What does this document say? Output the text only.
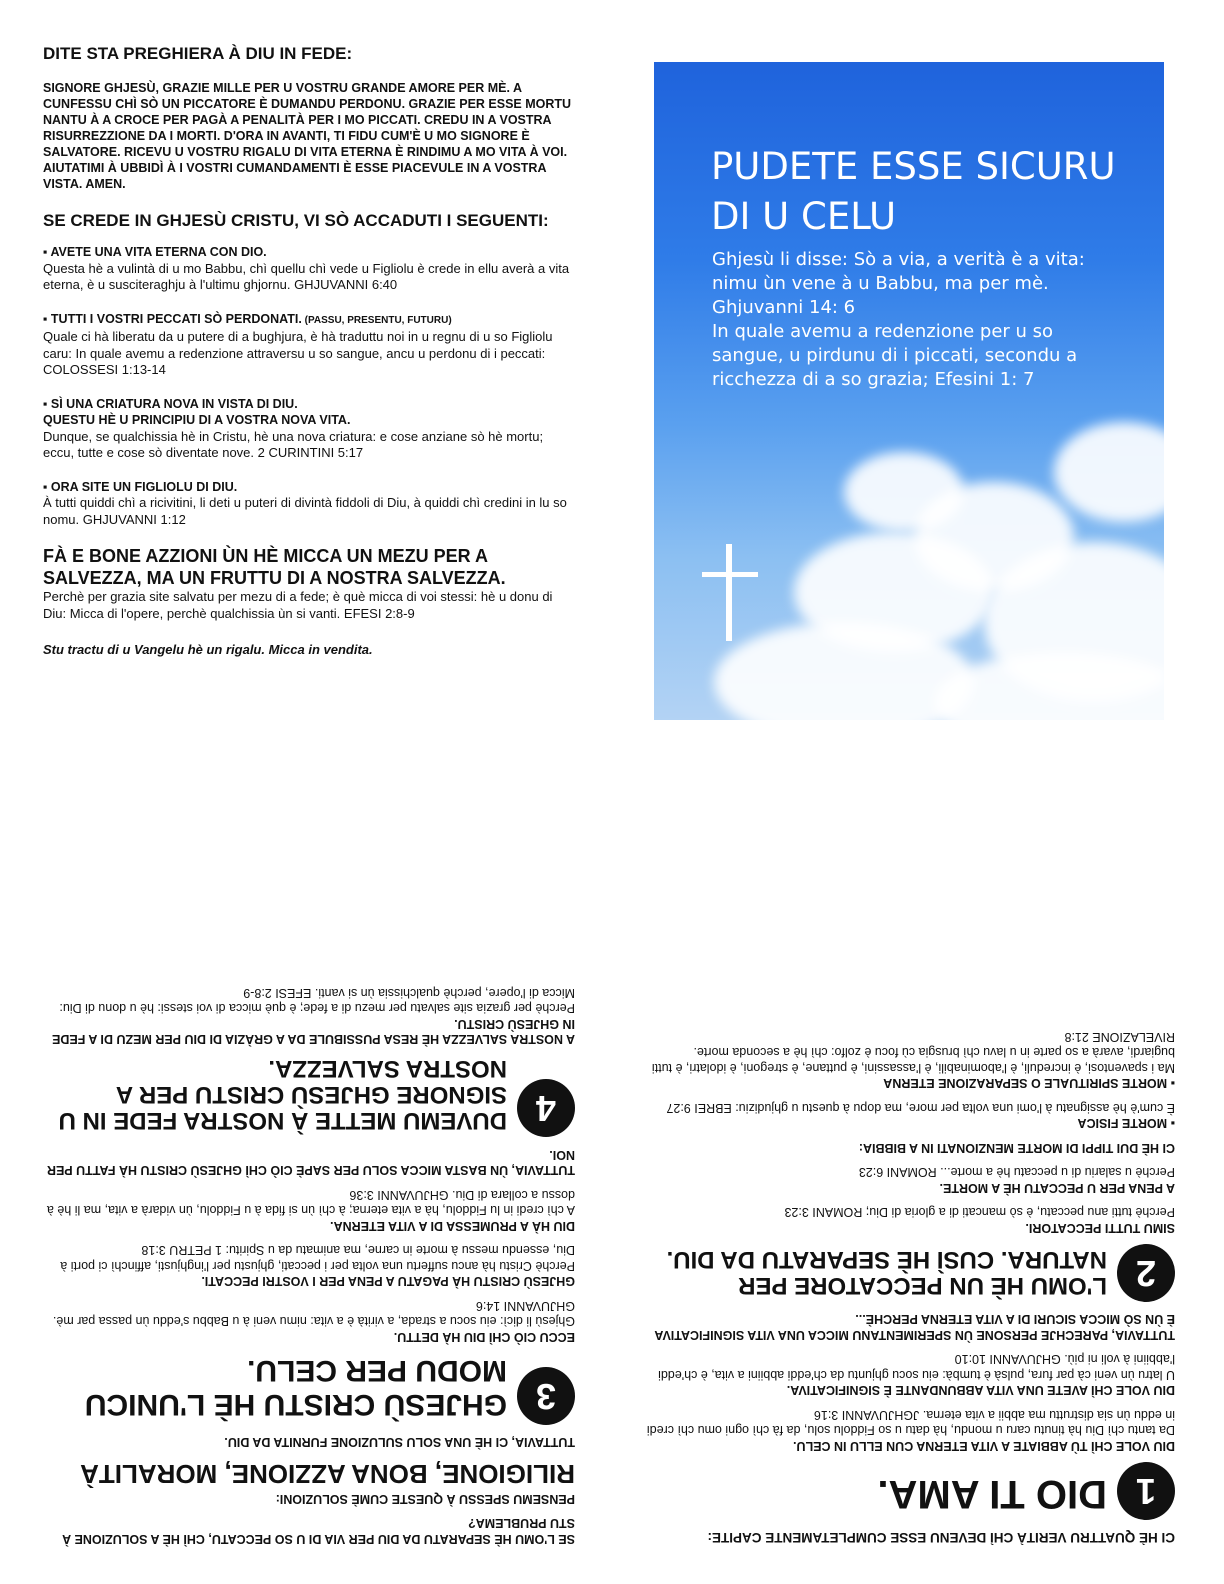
DITE STA PREGHIERA À DIU IN FEDE:

SIGNORE GHJESÙ, GRAZIE MILLE PER U VOSTRU GRANDE AMORE PER MÈ. A CUNFESSU CHÌ SÒ UN PICCATORE È DUMANDU PERDONU. GRAZIE PER ESSE MORTU NANTU À A CROCE PER PAGÀ A PENALITÀ PER I MO PICCATI. CREDU IN A VOSTRA RISURREZZIONE DA I MORTI. D'ORA IN AVANTI, TI FIDU CUM'È U MO SIGNORE È SALVATORE. RICEVU U VOSTRU RIGALU DI VITA ETERNA È RINDIMU A MO VITA À VOI. AIUTATIMI À UBBIDÌ À I VOSTRI CUMANDAMENTI È ESSE PIACEVULE IN A VOSTRA VISTA. AMEN.

SE CREDE IN GHJESÙ CRISTU, VI SÒ ACCADUTI I SEGUENTI:

▪ AVETE UNA VITA ETERNA CON DIO.

Questa hè a vulintà di u mo Babbu, chì quellu chì vede u Figliolu è crede in ellu averà a vita eterna, è u susciteraghju à l'ultimu ghjornu. GHJUVANNI 6:40

▪ TUTTI I VOSTRI PECCATI SÒ PERDONATI. (PASSU, PRESENTU, FUTURU)

Quale ci hà liberatu da u putere di a bughjura, è hà traduttu noi in u regnu di u so Figliolu caru: In quale avemu a redenzione attraversu u so sangue, ancu u perdonu di i peccati: COLOSSESI 1:13-14

▪ SÌ UNA CRIATURA NOVA IN VISTA DI DIU.
QUESTU HÈ U PRINCIPIU DI A VOSTRA NOVA VITA.

Dunque, se qualchissia hè in Cristu, hè una nova criatura: e cose anziane sò hè mortu; eccu, tutte e cose sò diventate nove. 2 CURINTINI 5:17

▪ ORA SITE UN FIGLIOLU DI DIU.

À tutti quiddi chì a ricivitini, li deti u puteri di divintà fiddoli di Diu, à quiddi chì credini in lu so nomu. GHJUVANNI 1:12

FÀ E BONE AZZIONI ÙN HÈ MICCA UN MEZU PER A SALVEZZA, MA UN FRUTTU DI A NOSTRA SALVEZZA.

Perchè per grazia site salvatu per mezu di a fede; è què micca di voi stessi: hè u donu di Diu: Micca di l'opere, perchè qualchissia ùn si vanti. EFESI 2:8-9

Stu tractu di u Vangelu hè un rigalu. Micca in vendita.

PUDETE ESSE SICURU DI U CELU
Ghjesù li disse: Sò a via, a verità è a vita: nimu ùn vene à u Babbu, ma per mè. Ghjuvanni 14: 6
In quale avemu a redenzione per u so sangue, u pirdunu di i piccati, secondu a ricchezza di a so grazia; Efesini 1: 7

CI HÈ QUATTRU VERITÀ CHÌ DEVENU ESSE CUMPLETAMENTE CAPITE:

1
DIO TI AMA.

DIU VOLE CHÌ TÙ ABBIATE A VITA ETERNA CUN ELLU IN CELU.

Da tantu chì Diu hà tinutu caru u mondu, hà datu u so Fiddolu solu, da fà chì ogni omu chì credi in eddu ùn sia distruttu ma abbii a vita eterna. JGHJUVANNI 3:16

DIU VOLE CHÌ AVETE UNA VITA ABBUNDANTE È SIGNIFICATIVA.

U latru ùn veni cà par fura, pulsà è tumbà: eiu socu ghjuntu da ch'eddi abbiini a vita, è ch'eddi l'abbiini à voli ni più. GHJUVANNI 10:10

TUTTAVIA, PARECHJE PERSONE ÙN SPERIMENTANU MICCA UNA VITA SIGNIFICATIVA È ÙN SÒ MICCA SICURI DI A VITA ETERNA PERCHÈ...

2
L'OMU HÈ UN PECCATORE PER NATURA. CUSÌ HÈ SEPARATU DA DIU.

SIMU TUTTI PECCATORI.

Perchè tutti anu peccatu, è sò mancati di a gloria di Diu; ROMANI 3:23

A PENA PER U PECCATU HÈ A MORTE.

Perchè u salariu di u peccatu hè a morte... ROMANI 6:23

CI HÈ DUI TIPPI DI MORTE MENZIONATI IN A BIBBIA:

▪ MORTE FISICA

È cum'è hè assignatu à l'omi una volta per more, ma dopu à questu u ghjudiziu: EBREI 9:27

▪ MORTE SPIRITUALE O SEPARAZIONE ETERNA

Ma i spaventosi, è increduli, è l'abominabili, è l'assassini, è puttane, è stregoni, è idolatri, è tutti bugiardi, avarà a so parte in u lavu chì brusgia cù focu è zolfo: chì hè a seconda morte. RIVELAZIONE 21:8

SE L'OMU HÈ SEPARATU DA DIU PER VIA DI U SO PECCATU, CHÌ HÈ A SOLUZIONE À STU PRUBLEMA?

PENSEMU SPESSU À QUESTE CUMÈ SOLUZIONI:

RILIGIONE, BONA AZZIONE, MORALITÀ

TUTTAVIA, CI HÈ UNA SOLU SULUZIONE FURNITA DA DIU.

3
GHJESÙ CRISTU HÈ L'UNICU MODU PER CELU.

ECCU CIÒ CHÌ DIU HÀ DETTU.

Ghjesù li dicì: eiu socu a strada, a virità è a vita: nimu veni à u Babbu s'eddu ùn passa par mè. GHJUVANNI 14:6

GHJESÙ CRISTU HÀ PAGATU A PENA PER I VOSTRI PECCATI.

Perchè Cristu hà ancu suffertu una volta per i peccati, ghjustu per l'inghjusti, affinchì ci porti à Diu, essendu messu à morte in carne, ma animatu da u Spiritu: 1 PETRU 3:18

DIU HÀ A PRUMESSA DI A VITA ETERNA.

A chì credi in lu Fiddolu, hà a vita eterna; à chì ùn si fida à u Fiddolu, ùn vidarà a vita, ma li hè à dossu a collara di Diu. GHJUVANNI 3:36

TUTTAVIA, ÙN BASTA MICCA SOLU PER SAPÈ CIÒ CHÌ GHJESÙ CRISTU HÀ FATTU PER NOI.

4
DUVEMU METTE À NOSTRA FEDE IN U SIGNORE GHJESÙ CRISTU PER A NOSTRA SALVEZZA.

A NOSTRA SALVEZZA HÈ RESA PUSSIBULE DA A GRÀZIA DI DIU PER MEZU DI A FEDE IN GHJESÙ CRISTU.

Perchè per grazia site salvatu per mezu di a fede; è què micca di voi stessi: hè u donu di Diu: Micca di l'opere, perchè qualchissia ùn si vanti. EFESI 2:8-9
